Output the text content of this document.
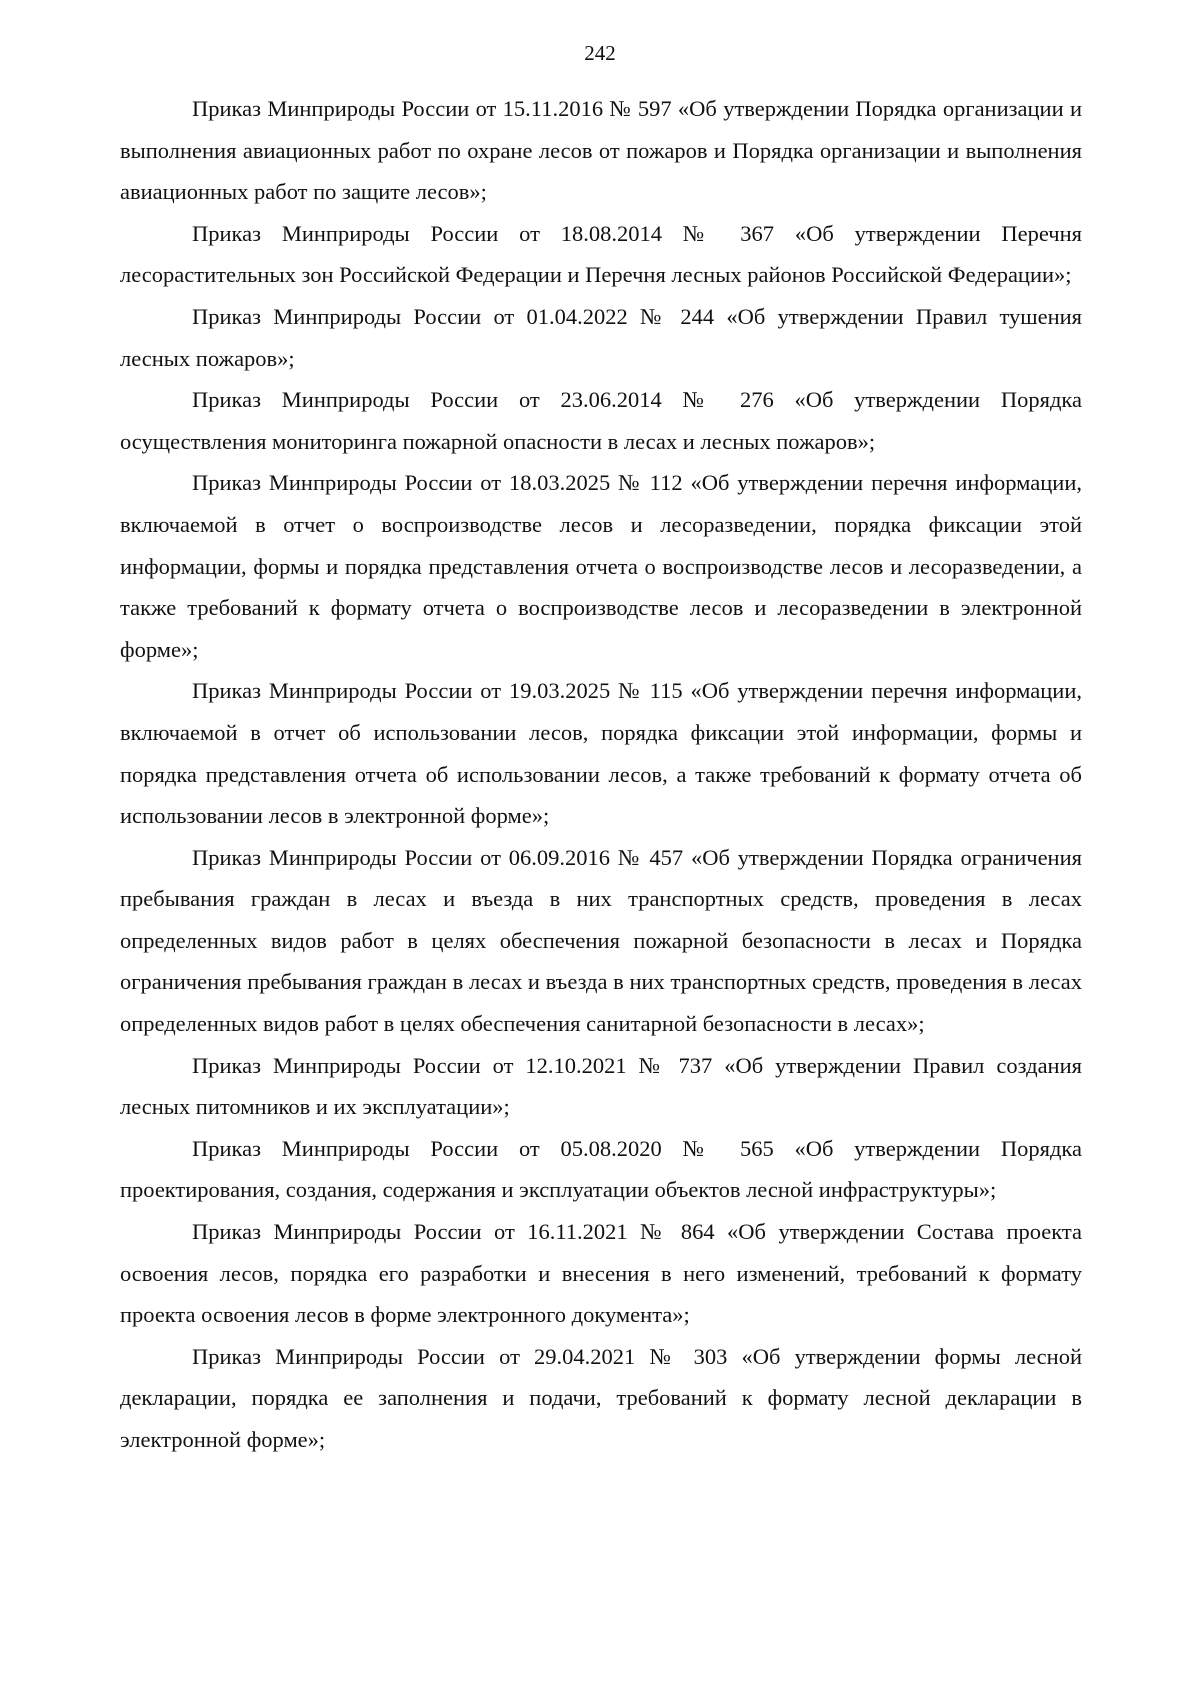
242

Приказ Минприроды России от 15.11.2016 № 597 «Об утверждении Порядка организации и выполнения авиационных работ по охране лесов от пожаров и Порядка организации и выполнения авиационных работ по защите лесов»;

Приказ Минприроды России от 18.08.2014 № 367 «Об утверждении Перечня лесорастительных зон Российской Федерации и Перечня лесных районов Российской Федерации»;

Приказ Минприроды России от 01.04.2022 № 244 «Об утверждении Правил тушения лесных пожаров»;

Приказ Минприроды России от 23.06.2014 № 276 «Об утверждении Порядка осуществления мониторинга пожарной опасности в лесах и лесных пожаров»;

Приказ Минприроды России от 18.03.2025 № 112 «Об утверждении перечня информации, включаемой в отчет о воспроизводстве лесов и лесоразведении, порядка фиксации этой информации, формы и порядка представления отчета о воспроизводстве лесов и лесоразведении, а также требований к формату отчета о воспроизводстве лесов и лесоразведении в электронной форме»;

Приказ Минприроды России от 19.03.2025 № 115 «Об утверждении перечня информации, включаемой в отчет об использовании лесов, порядка фиксации этой информации, формы и порядка представления отчета об использовании лесов, а также требований к формату отчета об использовании лесов в электронной форме»;

Приказ Минприроды России от 06.09.2016 № 457 «Об утверждении Порядка ограничения пребывания граждан в лесах и въезда в них транспортных средств, проведения в лесах определенных видов работ в целях обеспечения пожарной безопасности в лесах и Порядка ограничения пребывания граждан в лесах и въезда в них транспортных средств, проведения в лесах определенных видов работ в целях обеспечения санитарной безопасности в лесах»;

Приказ Минприроды России от 12.10.2021 № 737 «Об утверждении Правил создания лесных питомников и их эксплуатации»;

Приказ Минприроды России от 05.08.2020 № 565 «Об утверждении Порядка проектирования, создания, содержания и эксплуатации объектов лесной инфраструктуры»;

Приказ Минприроды России от 16.11.2021 № 864 «Об утверждении Состава проекта освоения лесов, порядка его разработки и внесения в него изменений, требований к формату проекта освоения лесов в форме электронного документа»;

Приказ Минприроды России от 29.04.2021 № 303 «Об утверждении формы лесной декларации, порядка ее заполнения и подачи, требований к формату лесной декларации в электронной форме»;
